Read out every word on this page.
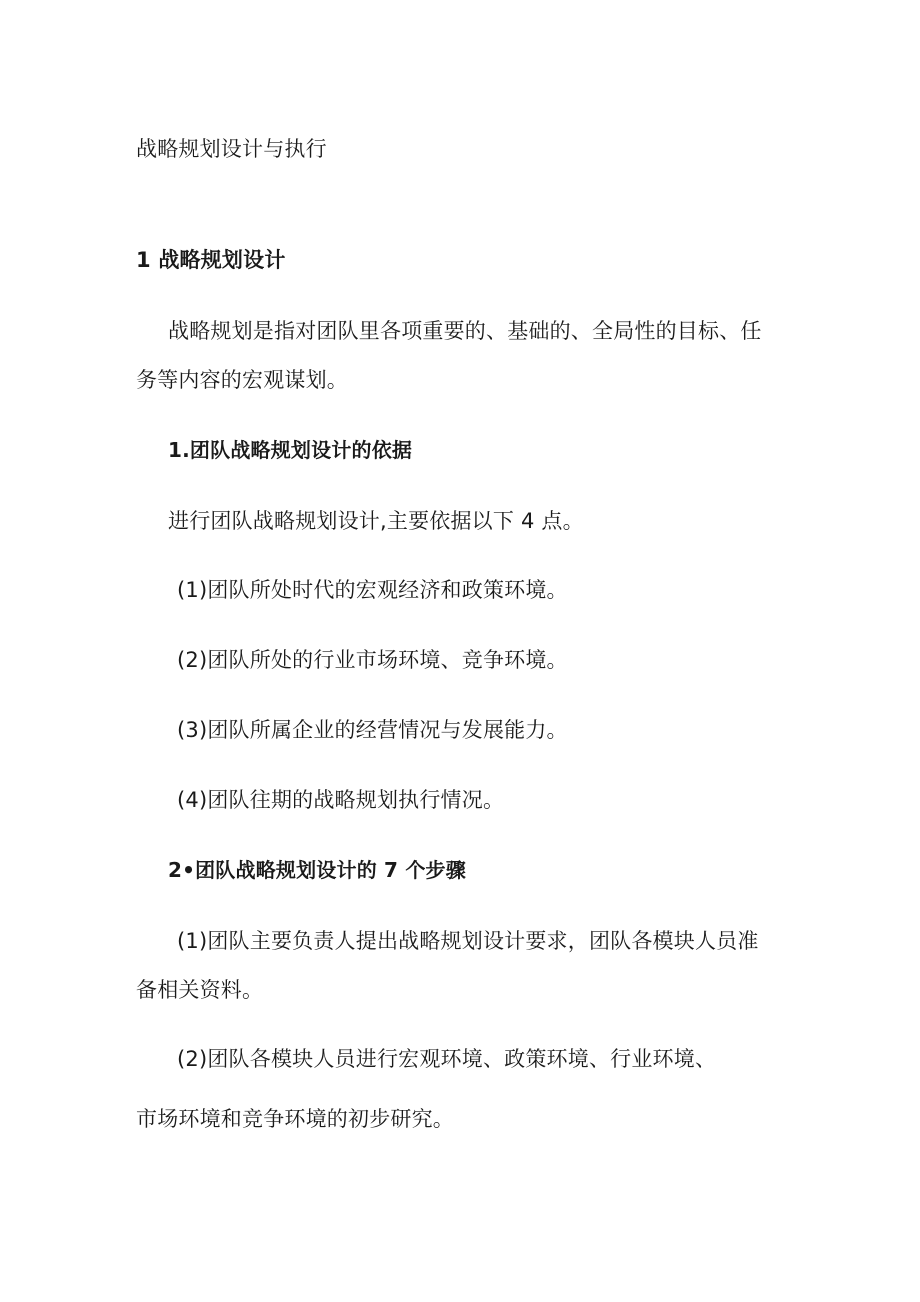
战略规划设计与执行

1 战略规划设计

战略规划是指对团队里各项重要的、基础的、全局性的目标、任

务等内容的宏观谋划。

1.团队战略规划设计的依据

进行团队战略规划设计,主要依据以下 4 点。

(1)团队所处时代的宏观经济和政策环境。

(2)团队所处的行业市场环境、竞争环境。

(3)团队所属企业的经营情况与发展能力。

(4)团队往期的战略规划执行情况。

2•团队战略规划设计的 7 个步骤

(1)团队主要负责人提出战略规划设计要求，团队各模块人员准

备相关资料。

(2)团队各模块人员进行宏观环境、政策环境、行业环境、

市场环境和竞争环境的初步研究。
